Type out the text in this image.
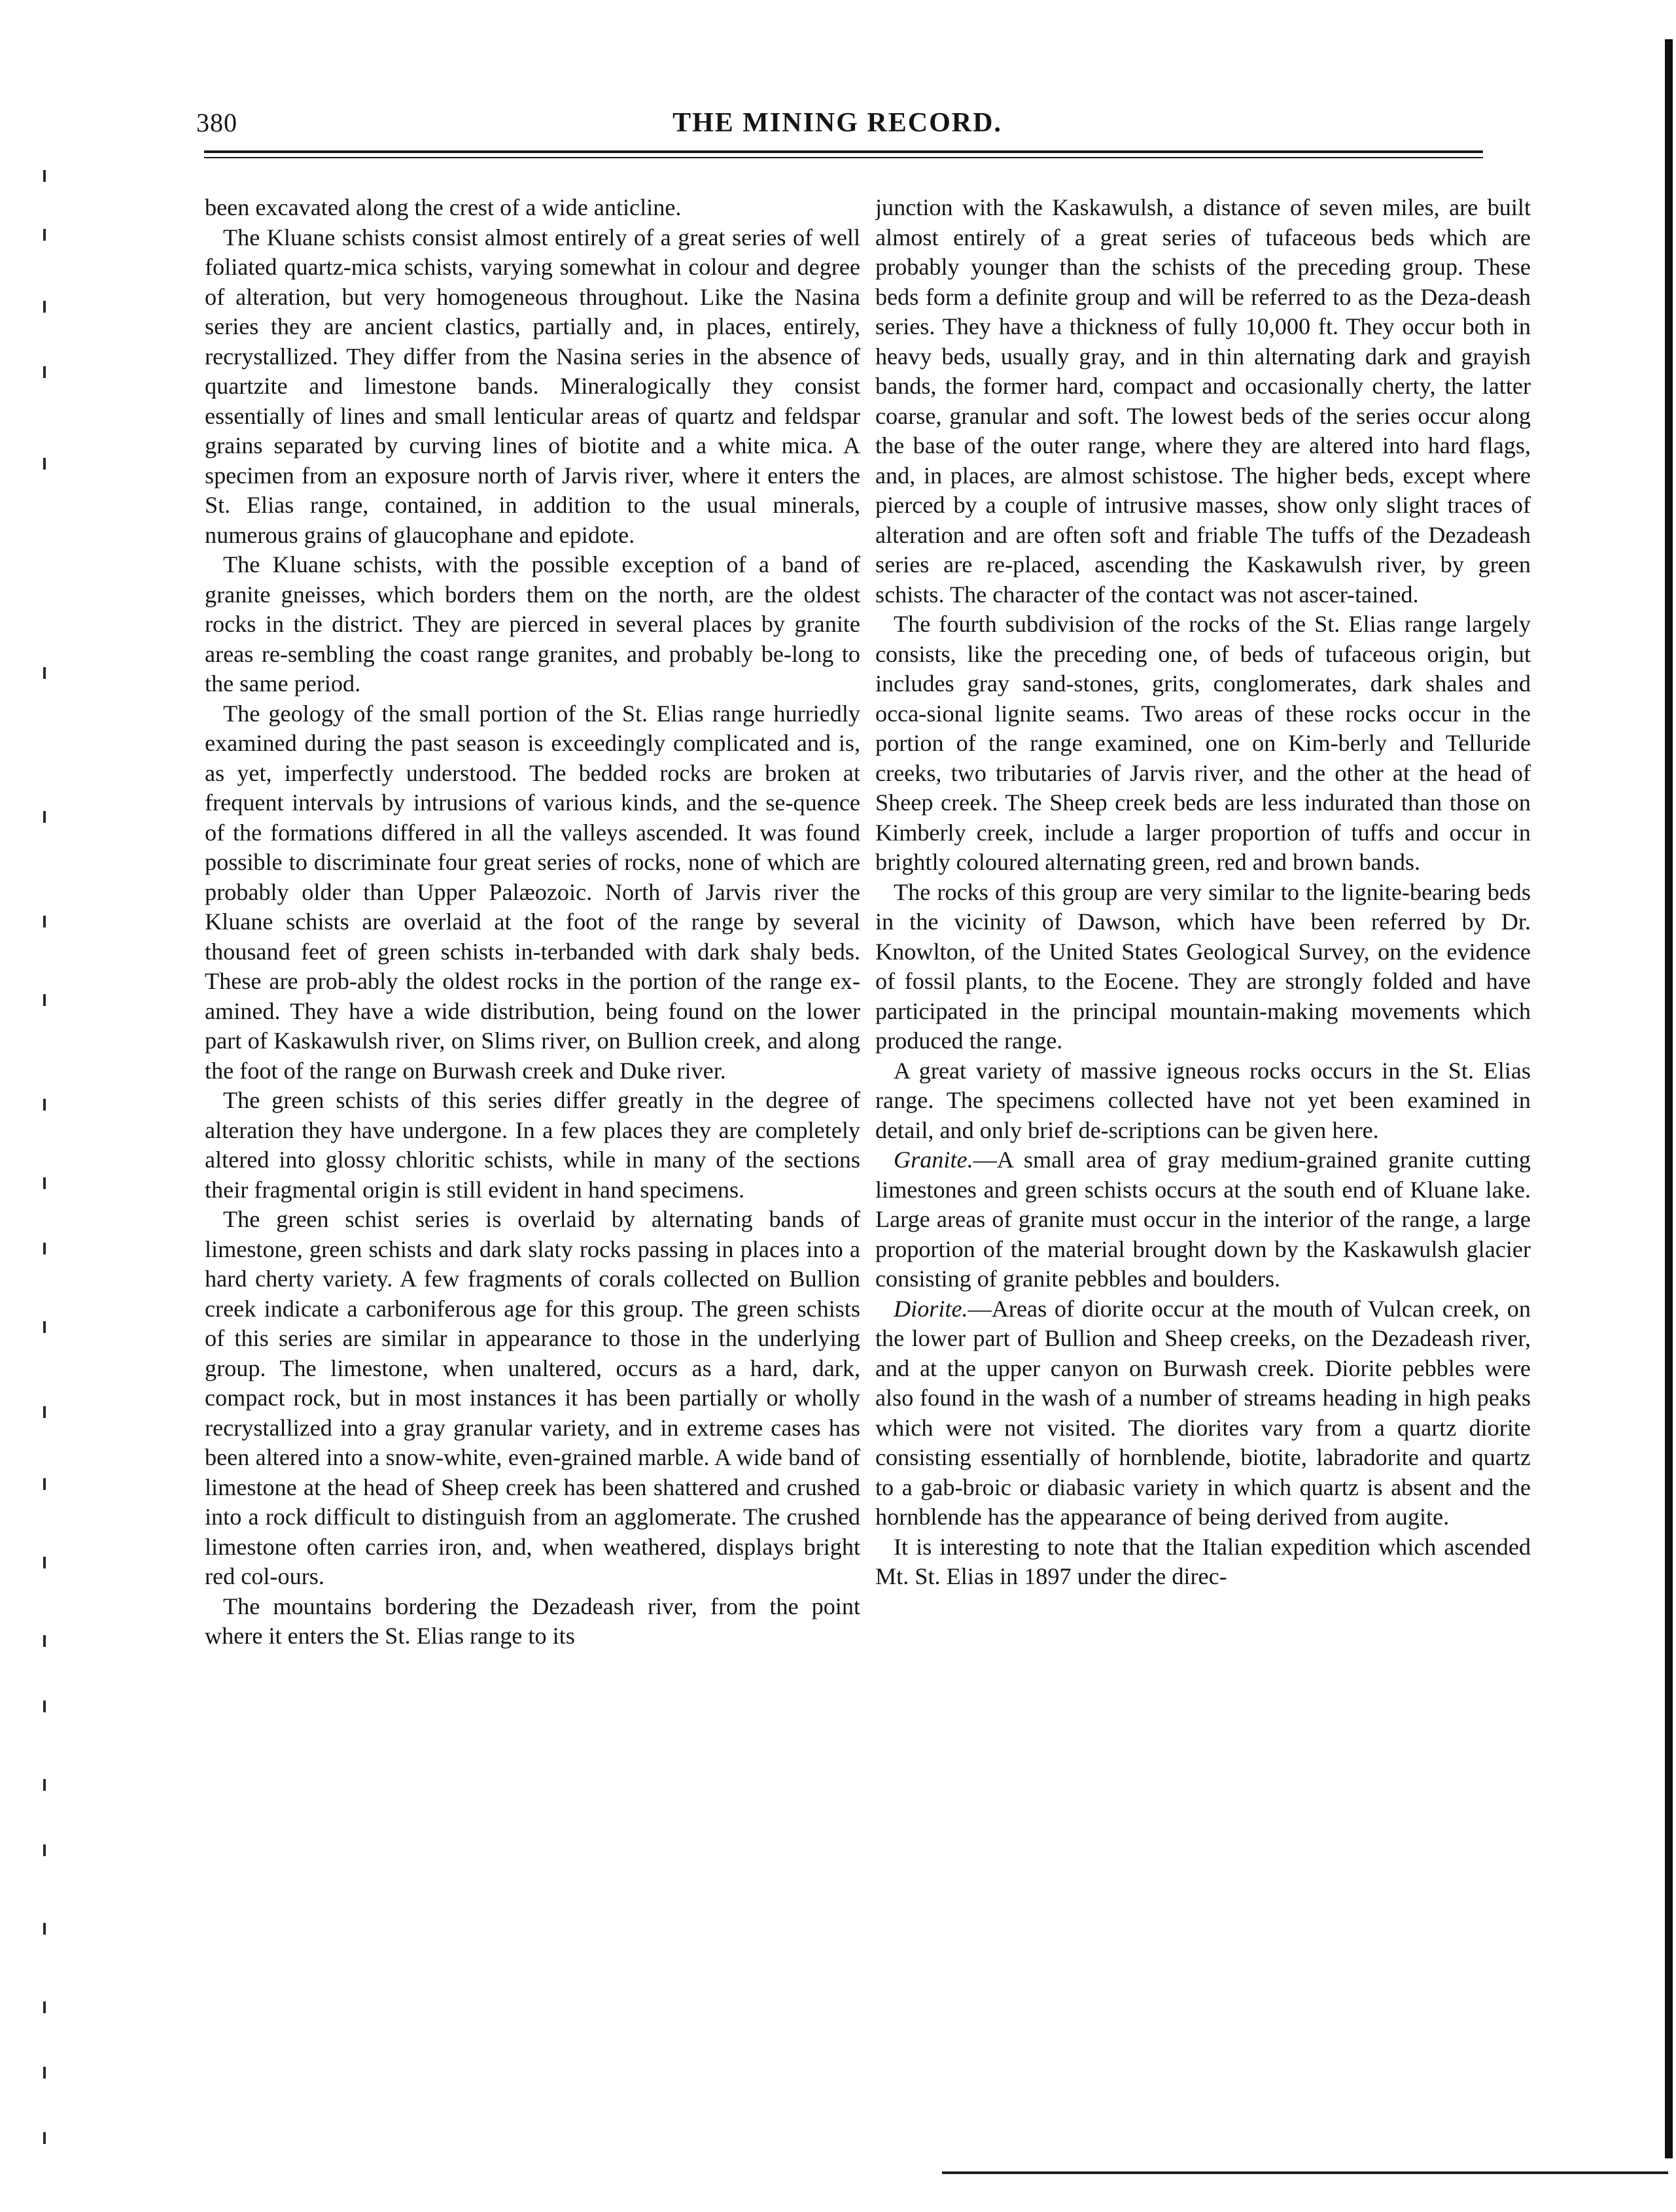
380	THE MINING RECORD.

been excavated along the crest of a wide anticline.

The Kluane schists consist almost entirely of a great series of well foliated quartz-mica schists, varying somewhat in colour and degree of alteration, but very homogeneous throughout. Like the Nasina series they are ancient clastics, partially and, in places, entirely, recrystallized. They differ from the Nasina series in the absence of quartzite and limestone bands. Mineralogically they consist essentially of lines and small lenticular areas of quartz and feldspar grains separated by curving lines of biotite and a white mica. A specimen from an exposure north of Jarvis river, where it enters the St. Elias range, contained, in addition to the usual minerals, numerous grains of glaucophane and epidote.

The Kluane schists, with the possible exception of a band of granite gneisses, which borders them on the north, are the oldest rocks in the district. They are pierced in several places by granite areas re-sembling the coast range granites, and probably be-long to the same period.

The geology of the small portion of the St. Elias range hurriedly examined during the past season is exceedingly complicated and is, as yet, imperfectly understood. The bedded rocks are broken at frequent intervals by intrusions of various kinds, and the se-quence of the formations differed in all the valleys ascended. It was found possible to discriminate four great series of rocks, none of which are probably older than Upper Palæozoic. North of Jarvis river the Kluane schists are overlaid at the foot of the range by several thousand feet of green schists in-terbanded with dark shaly beds. These are prob-ably the oldest rocks in the portion of the range ex-amined. They have a wide distribution, being found on the lower part of Kaskawulsh river, on Slims river, on Bullion creek, and along the foot of the range on Burwash creek and Duke river.

The green schists of this series differ greatly in the degree of alteration they have undergone. In a few places they are completely altered into glossy chloritic schists, while in many of the sections their fragmental origin is still evident in hand specimens.

The green schist series is overlaid by alternating bands of limestone, green schists and dark slaty rocks passing in places into a hard cherty variety. A few fragments of corals collected on Bullion creek indicate a carboniferous age for this group. The green schists of this series are similar in appearance to those in the underlying group. The limestone, when unaltered, occurs as a hard, dark, compact rock, but in most instances it has been partially or wholly recrystallized into a gray granular variety, and in extreme cases has been altered into a snow-white, even-grained marble. A wide band of limestone at the head of Sheep creek has been shattered and crushed into a rock difficult to distinguish from an agglomerate. The crushed limestone often carries iron, and, when weathered, displays bright red col-ours.

The mountains bordering the Dezadeash river, from the point where it enters the St. Elias range to its

junction with the Kaskawulsh, a distance of seven miles, are built almost entirely of a great series of tufaceous beds which are probably younger than the schists of the preceding group. These beds form a definite group and will be referred to as the Deza-deash series. They have a thickness of fully 10,000 ft. They occur both in heavy beds, usually gray, and in thin alternating dark and grayish bands, the former hard, compact and occasionally cherty, the latter coarse, granular and soft. The lowest beds of the series occur along the base of the outer range, where they are altered into hard flags, and, in places, are almost schistose. The higher beds, except where pierced by a couple of intrusive masses, show only slight traces of alteration and are often soft and friable The tuffs of the Dezadeash series are re-placed, ascending the Kaskawulsh river, by green schists. The character of the contact was not ascer-tained.

The fourth subdivision of the rocks of the St. Elias range largely consists, like the preceding one, of beds of tufaceous origin, but includes gray sand-stones, grits, conglomerates, dark shales and occa-sional lignite seams. Two areas of these rocks occur in the portion of the range examined, one on Kim-berly and Telluride creeks, two tributaries of Jarvis river, and the other at the head of Sheep creek. The Sheep creek beds are less indurated than those on Kimberly creek, include a larger proportion of tuffs and occur in brightly coloured alternating green, red and brown bands.

The rocks of this group are very similar to the lignite-bearing beds in the vicinity of Dawson, which have been referred by Dr. Knowlton, of the United States Geological Survey, on the evidence of fossil plants, to the Eocene. They are strongly folded and have participated in the principal mountain-making movements which produced the range.

A great variety of massive igneous rocks occurs in the St. Elias range. The specimens collected have not yet been examined in detail, and only brief de-scriptions can be given here.

Granite.—A small area of gray medium-grained granite cutting limestones and green schists occurs at the south end of Kluane lake. Large areas of granite must occur in the interior of the range, a large proportion of the material brought down by the Kaskawulsh glacier consisting of granite pebbles and boulders.

Diorite.—Areas of diorite occur at the mouth of Vulcan creek, on the lower part of Bullion and Sheep creeks, on the Dezadeash river, and at the upper canyon on Burwash creek. Diorite pebbles were also found in the wash of a number of streams heading in high peaks which were not visited. The diorites vary from a quartz diorite consisting essentially of hornblende, biotite, labradorite and quartz to a gab-broic or diabasic variety in which quartz is absent and the hornblende has the appearance of being derived from augite.

It is interesting to note that the Italian expedition which ascended Mt. St. Elias in 1897 under the direc-
